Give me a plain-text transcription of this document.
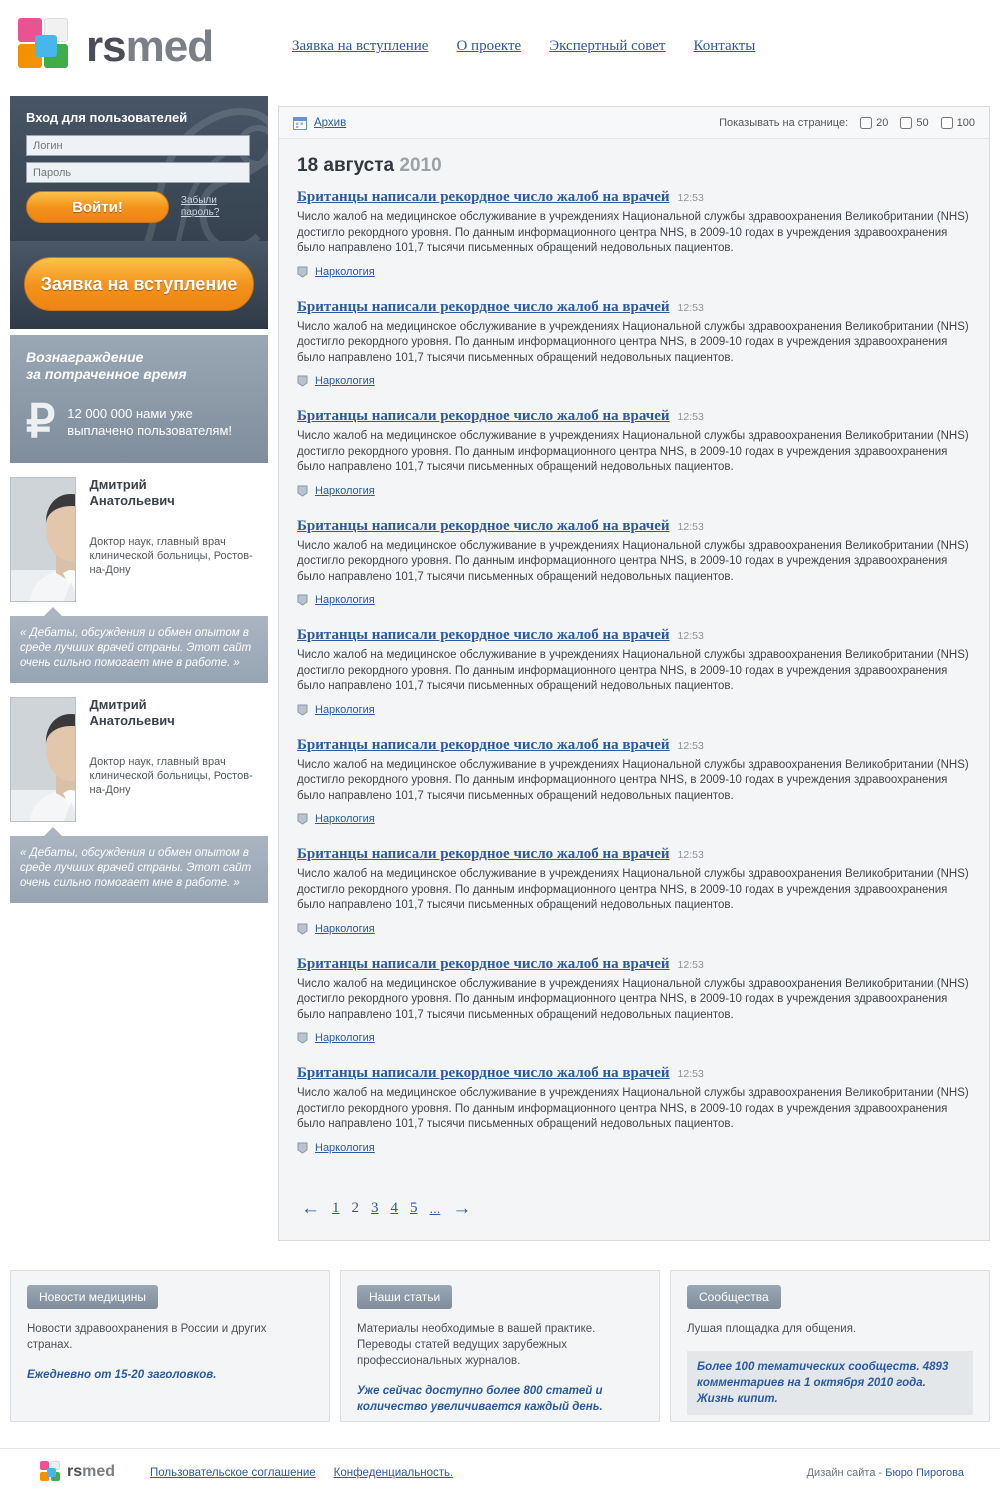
rsmed	Заявка на вступление О проекте Экспертный совет Контакты
Вход для пользователей
Логин
Войти!	Забыли пароль?
Заявка на вступление
Вознаграждение
за потраченное время
₽ 12 000 000 нами уже выплачено пользователям!
Дмитрий
Анатольевич
Доктор наук, главный врач клинической больницы, Ростов-на-Дону
« Дебаты, обсуждения и обмен опытом в среде лучших врачей страны. Этот сайт очень сильно помогает мне в работе. »
Дмитрий
Анатольевич
Доктор наук, главный врач клинической больницы, Ростов-на-Дону
« Дебаты, обсуждения и обмен опытом в среде лучших врачей страны. Этот сайт очень сильно помогает мне в работе. »
Архив	Показывать на странице:	20	50	100
18 августа 2010
Британцы написали рекордное число жалоб на врачей 12:53
Число жалоб на медицинское обслуживание в учреждениях Национальной службы здравоохранения Великобритании (NHS) достигло рекордного уровня. По данным информационного центра NHS, в 2009-10 годах в учреждения здравоохранения было направлено 101,7 тысячи письменных обращений недовольных пациентов.
Наркология
Британцы написали рекордное число жалоб на врачей 12:53
Число жалоб на медицинское обслуживание в учреждениях Национальной службы здравоохранения Великобритании (NHS) достигло рекордного уровня. По данным информационного центра NHS, в 2009-10 годах в учреждения здравоохранения было направлено 101,7 тысячи письменных обращений недовольных пациентов.
Наркология
Британцы написали рекордное число жалоб на врачей 12:53
Число жалоб на медицинское обслуживание в учреждениях Национальной службы здравоохранения Великобритании (NHS) достигло рекордного уровня. По данным информационного центра NHS, в 2009-10 годах в учреждения здравоохранения было направлено 101,7 тысячи письменных обращений недовольных пациентов.
Наркология
Британцы написали рекордное число жалоб на врачей 12:53
Число жалоб на медицинское обслуживание в учреждениях Национальной службы здравоохранения Великобритании (NHS) достигло рекордного уровня. По данным информационного центра NHS, в 2009-10 годах в учреждения здравоохранения было направлено 101,7 тысячи письменных обращений недовольных пациентов.
Наркология
Британцы написали рекордное число жалоб на врачей 12:53
Число жалоб на медицинское обслуживание в учреждениях Национальной службы здравоохранения Великобритании (NHS) достигло рекордного уровня. По данным информационного центра NHS, в 2009-10 годах в учреждения здравоохранения было направлено 101,7 тысячи письменных обращений недовольных пациентов.
Наркология
Британцы написали рекордное число жалоб на врачей 12:53
Число жалоб на медицинское обслуживание в учреждениях Национальной службы здравоохранения Великобритании (NHS) достигло рекордного уровня. По данным информационного центра NHS, в 2009-10 годах в учреждения здравоохранения было направлено 101,7 тысячи письменных обращений недовольных пациентов.
Наркология
Британцы написали рекордное число жалоб на врачей 12:53
Число жалоб на медицинское обслуживание в учреждениях Национальной службы здравоохранения Великобритании (NHS) достигло рекордного уровня. По данным информационного центра NHS, в 2009-10 годах в учреждения здравоохранения было направлено 101,7 тысячи письменных обращений недовольных пациентов.
Наркология
Британцы написали рекордное число жалоб на врачей 12:53
Число жалоб на медицинское обслуживание в учреждениях Национальной службы здравоохранения Великобритании (NHS) достигло рекордного уровня. По данным информационного центра NHS, в 2009-10 годах в учреждения здравоохранения было направлено 101,7 тысячи письменных обращений недовольных пациентов.
Наркология
Британцы написали рекордное число жалоб на врачей 12:53
Число жалоб на медицинское обслуживание в учреждениях Национальной службы здравоохранения Великобритании (NHS) достигло рекордного уровня. По данным информационного центра NHS, в 2009-10 годах в учреждения здравоохранения было направлено 101,7 тысячи письменных обращений недовольных пациентов.
Наркология
← 1 2 3 4 5 ... →
Новости медицины
Новости здравоохранения в России и других странах.
Ежедневно от 15-20 заголовков.
Наши статьи
Материалы необходимые в вашей практике. Переводы статей ведущих зарубежных профессиональных журналов.
Уже сейчас доступно более 800 статей и количество увеличивается каждый день.
Сообщества
Лушая площадка для общения.
Более 100 тематических сообществ. 4893 комментариев на 1 октября 2010 года. Жизнь кипит.
rsmed	Пользовательское соглашение Конфеденциальность.	Дизайн сайта - Бюро Пирогова
